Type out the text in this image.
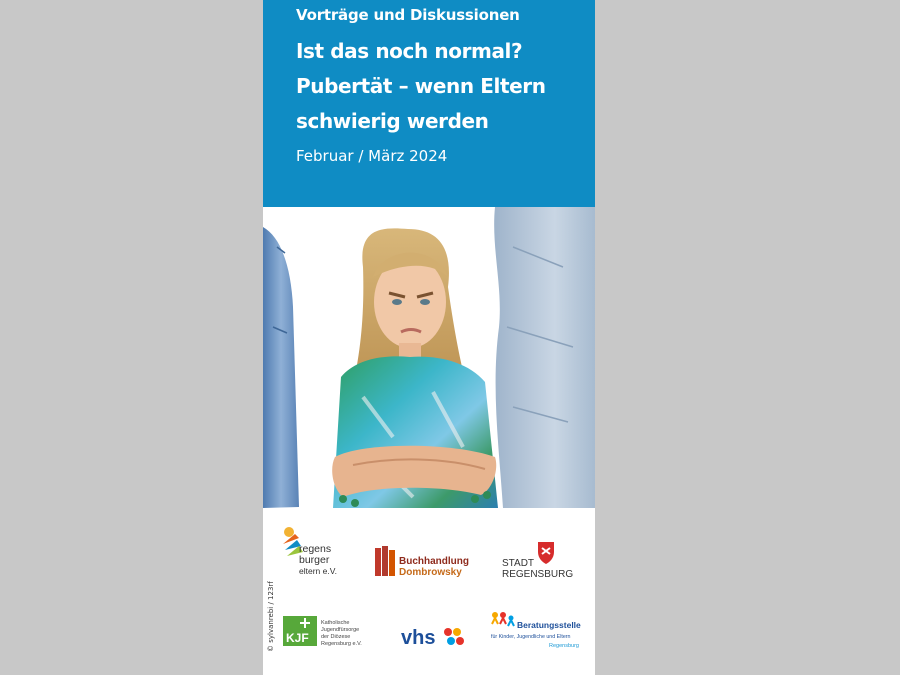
Vorträge und Diskussionen
Ist das noch normal?
Pubertät – wenn Eltern
schwierig werden
Februar / März 2024
© sylvanrebi / 123rf
regens
burger
eltern e.V.
Buchhandlung
Dombrowsky
STADT
REGENSBURG
KJF
Katholische
Jugendfürsorge
der Diözese
Regensburg e.V. vhs
Beratungsstelle
für Kinder, Jugendliche und Eltern
Regensburg
